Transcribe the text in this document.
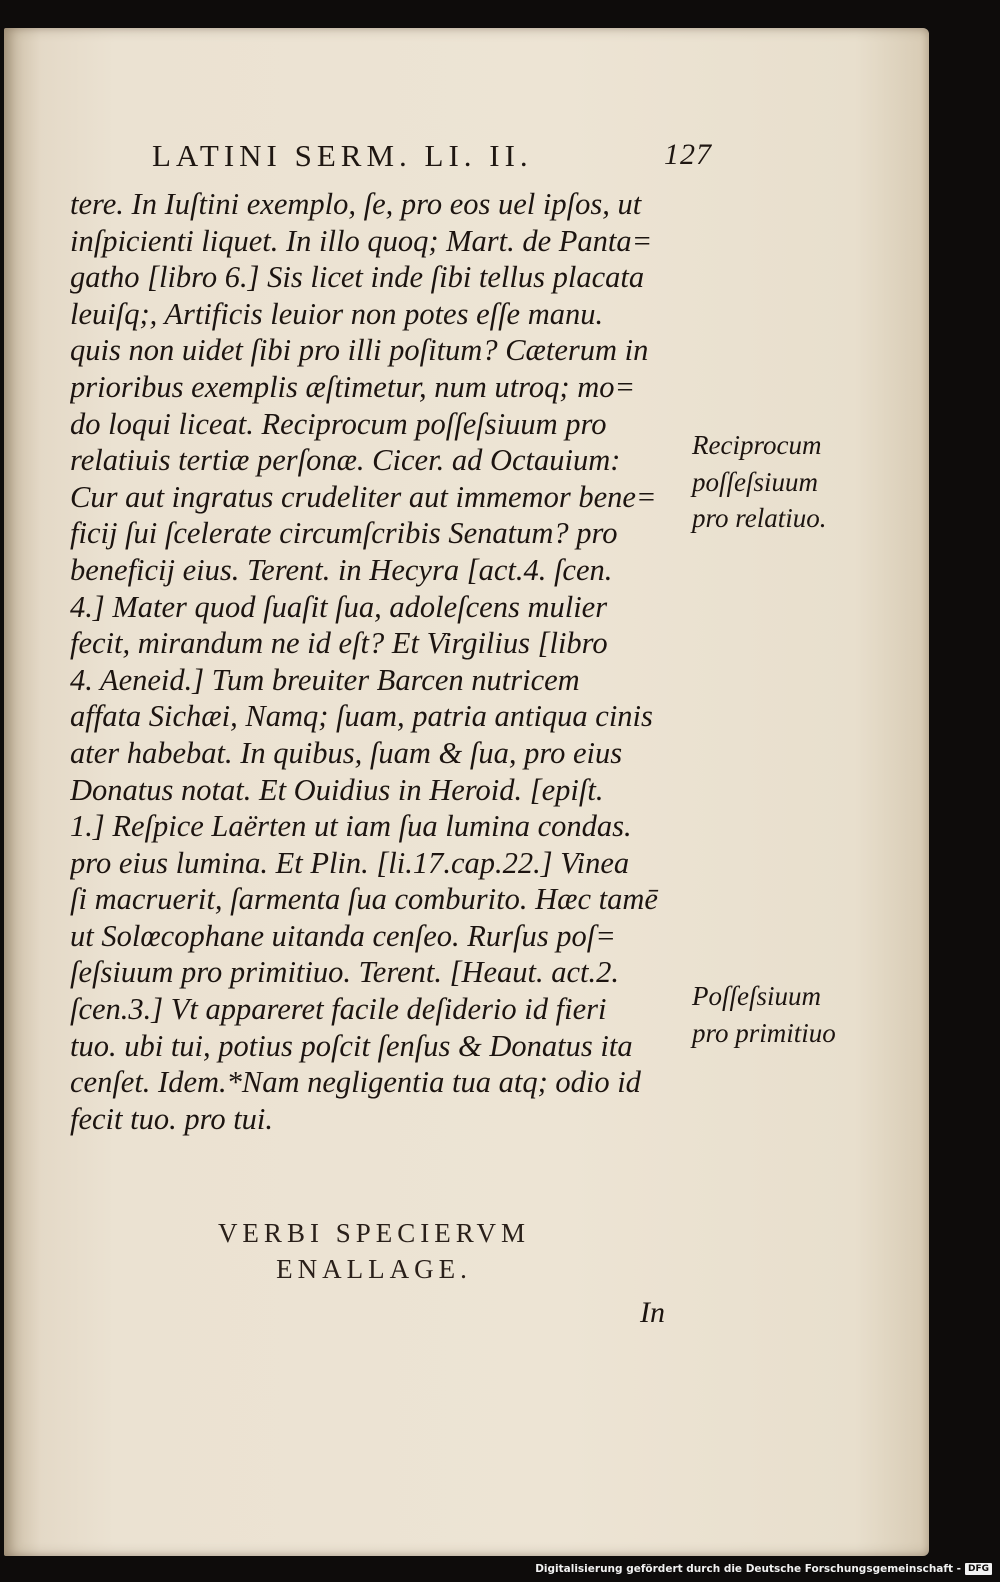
LATINI SERM. LI. II.	127
tere. In Iuſtini exemplo, ſe, pro eos uel ipſos, ut
inſpicienti liquet. In illo quoq; Mart. de Panta=
gatho [libro 6.] Sis licet inde ſibi tellus placata
leuiſq;, Artificis leuior non potes eſſe manu.
quis non uidet ſibi pro illi poſitum? Cæterum in
prioribus exemplis æſtimetur, num utroq; mo=
do loqui liceat. Reciprocum poſſeſsiuum pro
relatiuis tertiæ perſonæ. Cicer. ad Octauium:
Cur aut ingratus crudeliter aut immemor bene=
ficij ſui ſcelerate circumſcribis Senatum? pro
beneficij eius. Terent. in Hecyra [act.4. ſcen.
4.] Mater quod ſuaſit ſua, adoleſcens mulier
fecit, mirandum ne id eſt? Et Virgilius [libro
4. Aeneid.] Tum breuiter Barcen nutricem
affata Sichæi, Namq; ſuam, patria antiqua cinis
ater habebat. In quibus, ſuam & ſua, pro eius
Donatus notat. Et Ouidius in Heroid. [epiſt.
1.] Reſpice Laërten ut iam ſua lumina condas.
pro eius lumina. Et Plin. [li.17.cap.22.] Vinea
ſi macruerit, ſarmenta ſua comburito. Hæc tamē
ut Solœcophane uitanda cenſeo. Rurſus poſ=
ſeſsiuum pro primitiuo. Terent. [Heaut. act.2.
ſcen.3.] Vt appareret facile deſiderio id fieri
tuo. ubi tui, potius poſcit ſenſus & Donatus ita
cenſet. Idem.*Nam negligentia tua atq; odio id
fecit tuo. pro tui.
Reciprocum
poſſeſsiuum
pro relatiuo.
Poſſeſsiuum
pro primitiuo
VERBI SPECIERVM
ENALLAGE.
In
Digitalisierung gefördert durch die Deutsche Forschungsgemeinschaft - DFG
